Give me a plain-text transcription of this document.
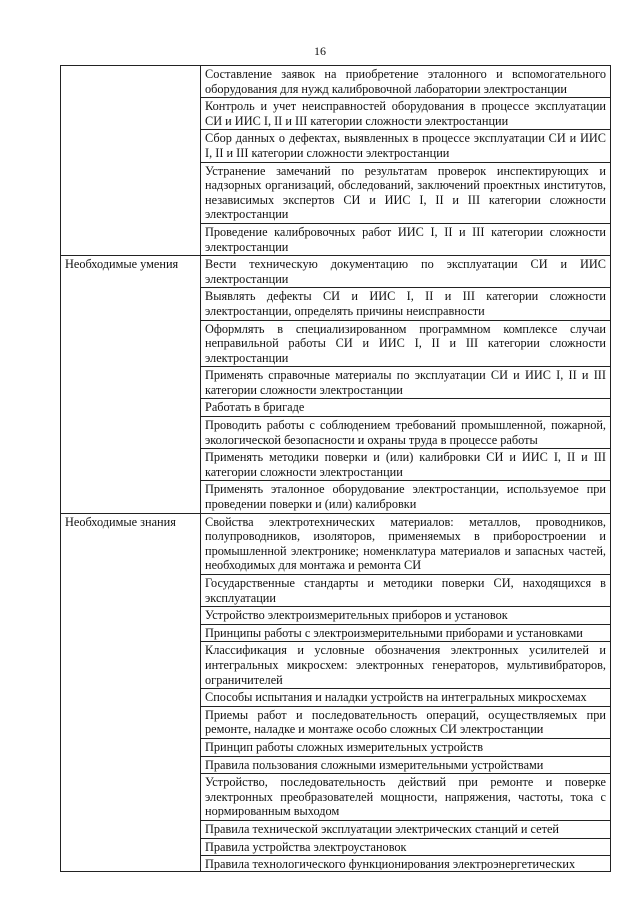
16
	Составление заявок на приобретение эталонного и вспомогательного оборудования для нужд калибровочной лаборатории электростанции
	Контроль и учет неисправностей оборудования в процессе эксплуатации СИ и ИИС I, II и III категории сложности электростанции
	Сбор данных о дефектах, выявленных в процессе эксплуатации СИ и ИИС I, II и III категории сложности электростанции
	Устранение замечаний по результатам проверок инспектирующих и надзорных организаций, обследований, заключений проектных институтов, независимых экспертов СИ и ИИС I, II и III категории сложности электростанции
	Проведение калибровочных работ ИИС I, II и III категории сложности электростанции
Необходимые умения	Вести техническую документацию по эксплуатации СИ и ИИС электростанции
	Выявлять дефекты СИ и ИИС I, II и III категории сложности электростанции, определять причины неисправности
	Оформлять в специализированном программном комплексе случаи неправильной работы СИ и ИИС I, II и III категории сложности электростанции
	Применять справочные материалы по эксплуатации СИ и ИИС I, II и III категории сложности электростанции
	Работать в бригаде
	Проводить работы с соблюдением требований промышленной, пожарной, экологической безопасности и охраны труда в процессе работы
	Применять методики поверки и (или) калибровки СИ и ИИС I, II и III категории сложности электростанции
	Применять эталонное оборудование электростанции, используемое при проведении поверки и (или) калибровки
Необходимые знания	Свойства электротехнических материалов: металлов, проводников, полупроводников, изоляторов, применяемых в приборостроении и промышленной электронике; номенклатура материалов и запасных частей, необходимых для монтажа и ремонта СИ
	Государственные стандарты и методики поверки СИ, находящихся в эксплуатации
	Устройство электроизмерительных приборов и установок
	Принципы работы с электроизмерительными приборами и установками
	Классификация и условные обозначения электронных усилителей и интегральных микросхем: электронных генераторов, мультивибраторов, ограничителей
	Способы испытания и наладки устройств на интегральных микросхемах
	Приемы работ и последовательность операций, осуществляемых при ремонте, наладке и монтаже особо сложных СИ электростанции
	Принцип работы сложных измерительных устройств
	Правила пользования сложными измерительными устройствами
	Устройство, последовательность действий при ремонте и поверке электронных преобразователей мощности, напряжения, частоты, тока с нормированным выходом
	Правила технической эксплуатации электрических станций и сетей
	Правила устройства электроустановок

	Правила технологического функционирования электроэнергетических
